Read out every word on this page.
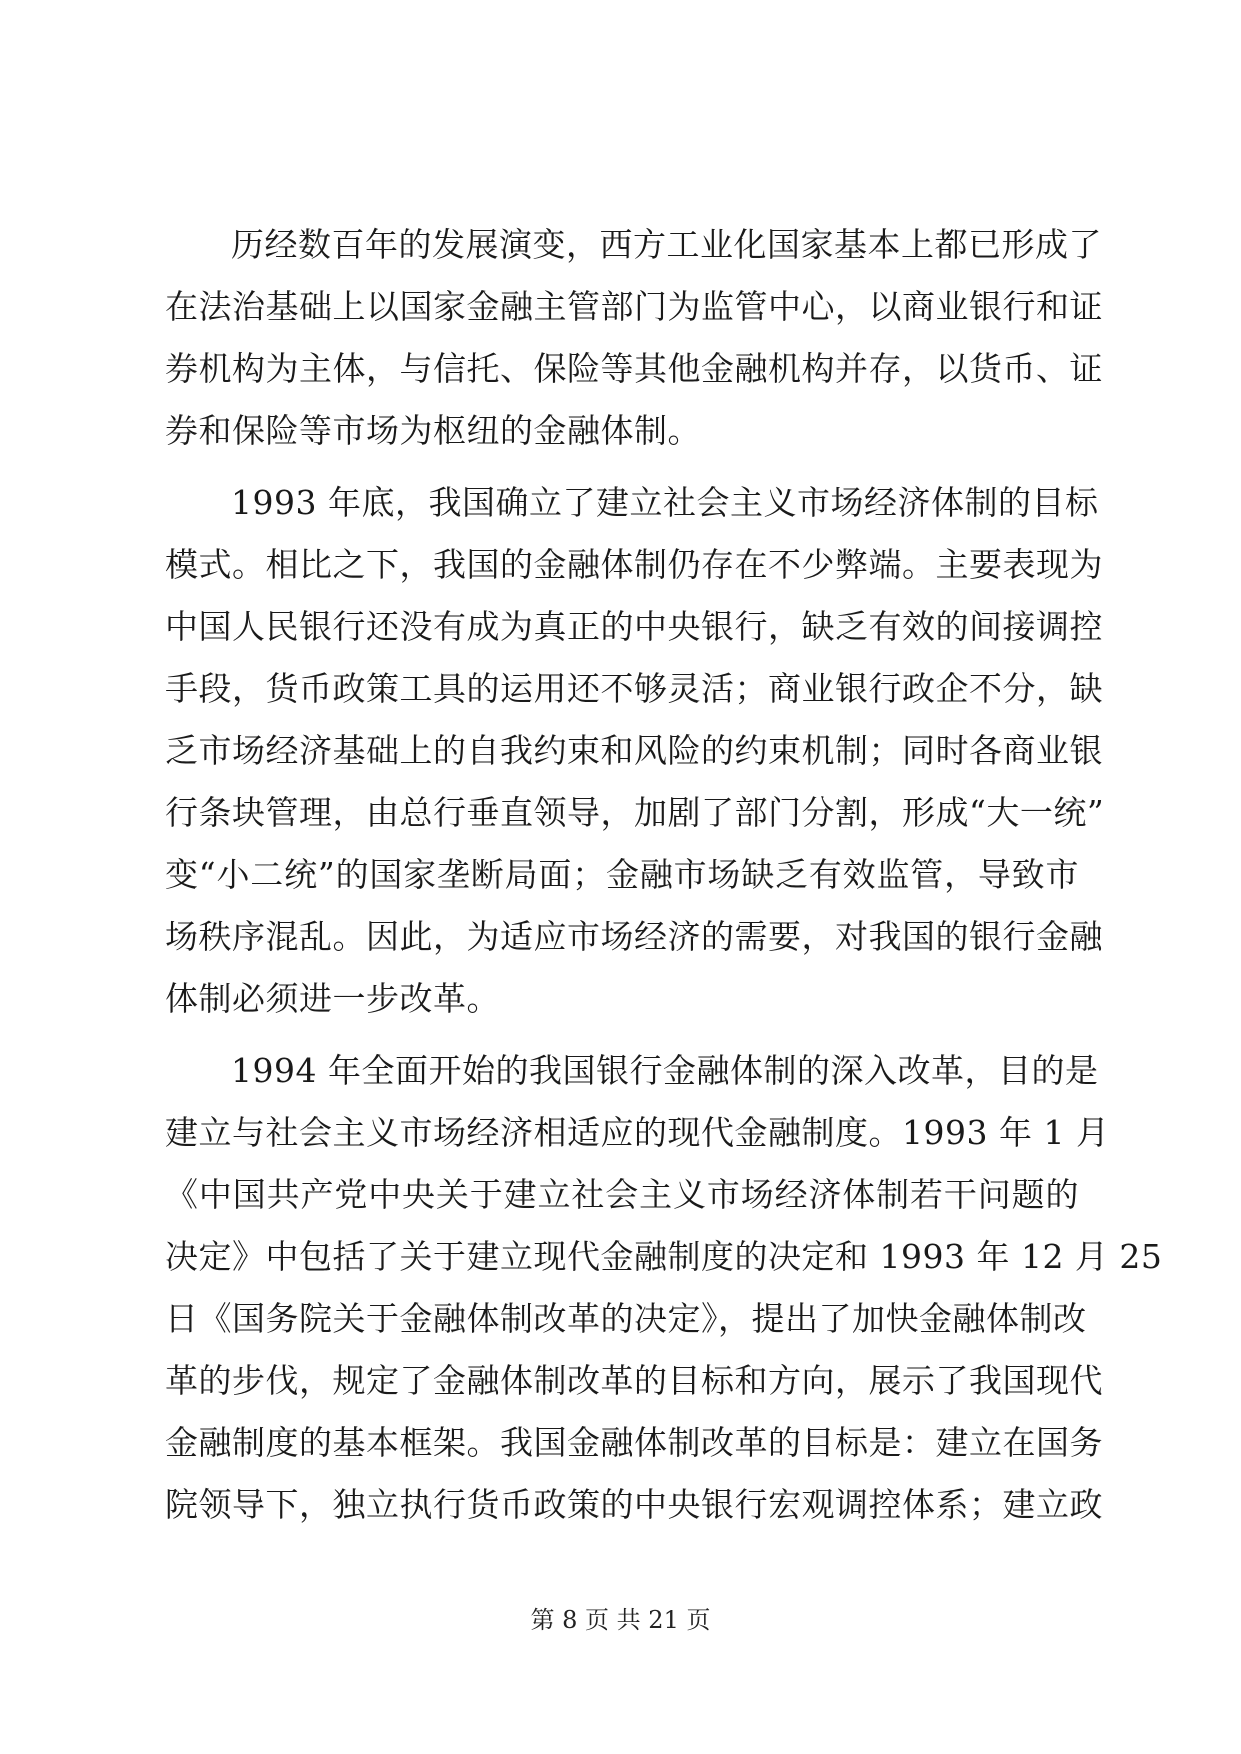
历经数百年的发展演变，西方工业化国家基本上都已形成了
在法治基础上以国家金融主管部门为监管中心，以商业银行和证
券机构为主体，与信托、保险等其他金融机构并存，以货币、证
券和保险等市场为枢纽的金融体制。
1993 年底，我国确立了建立社会主义市场经济体制的目标
模式。相比之下，我国的金融体制仍存在不少弊端。主要表现为
中国人民银行还没有成为真正的中央银行，缺乏有效的间接调控
手段，货币政策工具的运用还不够灵活；商业银行政企不分，缺
乏市场经济基础上的自我约束和风险的约束机制；同时各商业银
行条块管理，由总行垂直领导，加剧了部门分割，形成“大一统”
变“小二统”的国家垄断局面；金融市场缺乏有效监管，导致市
场秩序混乱。因此，为适应市场经济的需要，对我国的银行金融
体制必须进一步改革。
1994 年全面开始的我国银行金融体制的深入改革，目的是
建立与社会主义市场经济相适应的现代金融制度。1993 年 1 月
《中国共产党中央关于建立社会主义市场经济体制若干问题的
决定》中包括了关于建立现代金融制度的决定和 1993 年 12 月 25
日《国务院关于金融体制改革的决定》，提出了加快金融体制改
革的步伐，规定了金融体制改革的目标和方向，展示了我国现代
金融制度的基本框架。我国金融体制改革的目标是：建立在国务
院领导下，独立执行货币政策的中央银行宏观调控体系；建立政
第 8 页 共 21 页
